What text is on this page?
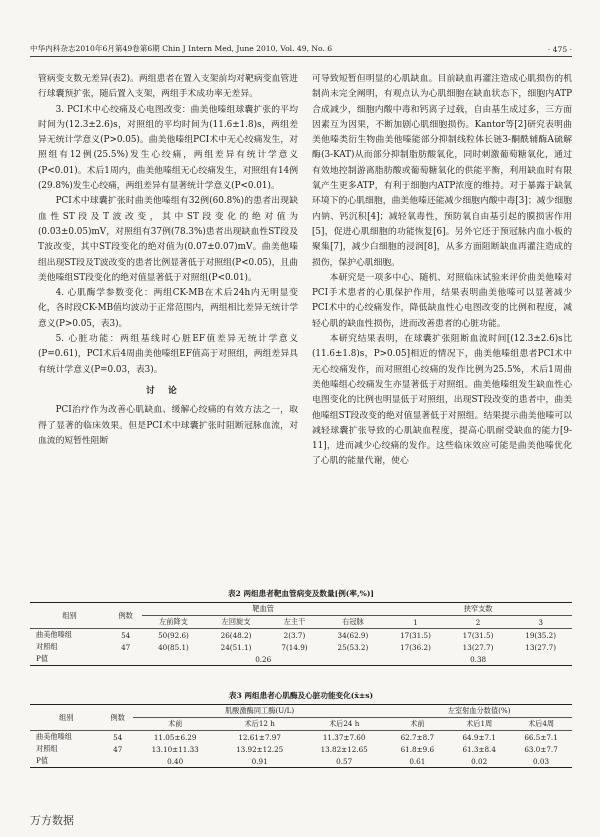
中华内科杂志2010年6月第49卷第6期 Chin J Intern Med, June 2010, Vol. 49, No. 6	· 475 ·

管病变支数无差异(表2)。两组患者在置入支架前均对靶病变血管进行球囊预扩张，随后置入支架，两组手术成功率无差异。

3. PCI术中心绞痛及心电图改变：曲美他嗪组球囊扩张的平均时间为(12.3±2.6)s，对照组的平均时间为(11.6±1.8)s，两组差异无统计学意义(P>0.05)。曲美他嗪组PCI术中无心绞痛发生，对照组有12例(25.5%)发生心绞痛，两组差异有统计学意义(P<0.01)。术后1周内，曲美他嗪组无心绞痛发生，对照组有14例(29.8%)发生心绞痛，两组差异有显著统计学意义(P<0.01)。

PCI术中球囊扩张时曲美他嗪组有32例(60.8%)的患者出现缺血性ST段及T波改变，其中ST段变化的绝对值为(0.03±0.05)mV，对照组有37例(78.3%)患者出现缺血性ST段及T波改变，其中ST段变化的绝对值为(0.07±0.07)mV。曲美他嗪组出现ST段及T波改变的患者比例显著低于对照组(P<0.05)，且曲美他嗪组ST段变化的绝对值显著低于对照组(P<0.01)。

4. 心肌酶学参数变化：两组CK-MB在术后24h内无明显变化，各时段CK-MB值均波动于正常范围内，两组相比差异无统计学意义(P>0.05，表3)。

5. 心脏功能：两组基线时心脏EF值差异无统计学意义(P=0.61)，PCI术后4周曲美他嗪组EF值高于对照组，两组差异具有统计学意义(P=0.03，表3)。

讨论

PCI治疗作为改善心肌缺血、缓解心绞痛的有效方法之一，取得了显著的临床效果。但是PCI术中球囊扩张时阻断冠脉血流，对血流的短暂性阻断

可导致短暂但明显的心肌缺血。目前缺血再灌注造成心肌损伤的机制尚未完全阐明，有观点认为心肌细胞在缺血状态下，细胞内ATP合成减少，细胞内酸中毒和钙离子过载，自由基生成过多，三方面因素互为因果，不断加剧心肌细胞损伤。Kantor等[2]研究表明曲美他嗪类衍生物曲美他嗪能部分抑制线粒体长链3-酮酰辅酶A硫解酶(3-KAT)从而部分抑制脂肪酸氧化，同时刺激葡萄糖氧化，通过有效地控制游离脂肪酸或葡萄糖氧化的供能平衡，利用缺血时有限氧产生更多ATP，有利于细胞内ATP浓度的维持。对于暴露于缺氧环境下的心肌细胞，曲美他嗪还能减少细胞内酸中毒[3]；减少细胞内钠、钙沉积[4]；减轻氧毒性，预防氧自由基引起的膜损害作用[5]，促进心肌细胞的功能恢复[6]。另外它还于预冠脉内血小板的聚集[7]，减少白细胞的浸润[8]，从多方面阻断缺血再灌注造成的损伤，保护心肌细胞。

本研究是一项多中心、随机、对照临床试验来评价曲美他嗪对PCI手术患者的心肌保护作用，结果表明曲美他嗪可以显著减少PCI术中的心绞痛发作，降低缺血性心电图改变的比例和程度，减轻心肌的缺血性损伤，进而改善患者的心脏功能。

本研究结果表明，在球囊扩张阻断血流时间[(12.3±2.6)s比(11.6±1.8)s，P>0.05]相近的情况下，曲美他嗪组患者PCI术中无心绞痛发作，而对照组心绞痛的发作比例为25.5%，术后1周曲美他嗪组心绞痛发生亦显著低于对照组。曲美他嗪组发生缺血性心电图变化的比例也明显低于对照组，出现ST段改变的患者中，曲美他嗪组ST段改变的绝对值显著低于对照组。结果提示曲美他嗪可以减轻球囊扩张导致的心肌缺血程度，提高心肌耐受缺血的能力[9-11]，进而减少心绞痛的发作。这些临床效应可能是曲美他嗪优化了心肌的能量代谢，使心

表2 两组患者靶血管病变及数量[例(率,%)]
组别	例数	靶血管				狭窄支数		
		左前降支	左回旋支	左主干	右冠脉	1	2	3
曲美他嗪组	54	50(92.6)	26(48.2)	2(3.7)	34(62.9)	17(31.5)	17(31.5)	19(35.2)
对照组	47	40(85.1)	24(51.1)	7(14.9)	25(53.2)	17(36.2)	13(27.7)	13(27.7)
P值		0.26				0.38		
表3 两组患者心肌酶及心脏功能变化(x̄±s)
组别	例数	肌酸激酶同工酶(U/L)			左室射血分数值(%)		
		术前	术后12 h	术后24 h	术前	术后1周	术后4周
曲美他嗪组	54	11.05±6.29	12.61±7.97	11.37±7.60	62.7±8.7	64.9±7.1	66.5±7.1
对照组	47	13.10±11.33	13.92±12.25	13.82±12.65	61.8±9.6	61.3±8.4	63.0±7.7
P值		0.40	0.91	0.57	0.61	0.02	0.03
万方数据
